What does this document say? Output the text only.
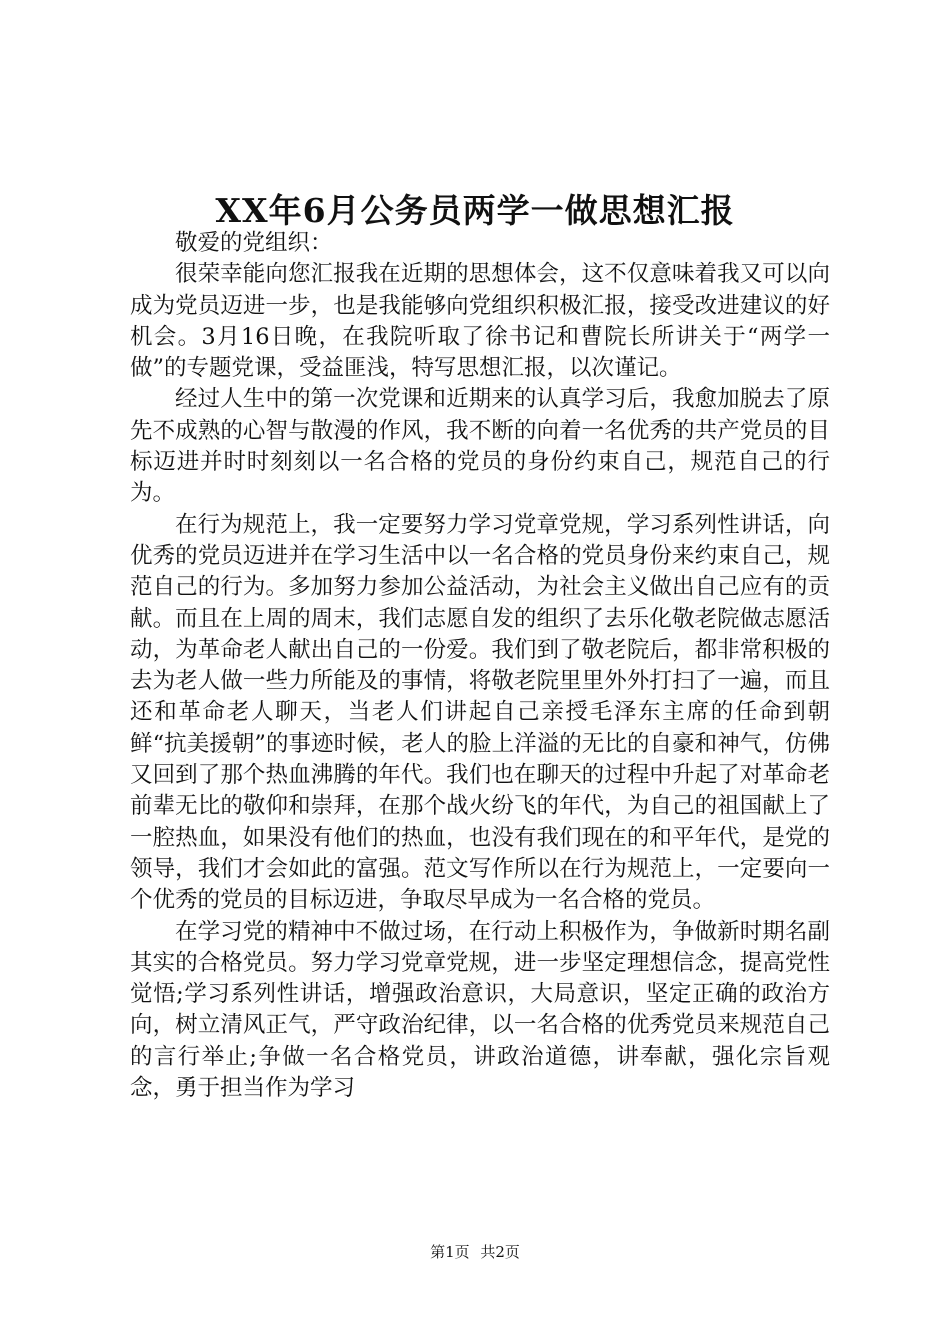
XX年6月公务员两学一做思想汇报

敬爱的党组织：

很荣幸能向您汇报我在近期的思想体会，这不仅意味着我又可以向成为党员迈进一步，也是我能够向党组织积极汇报，接受改进建议的好机会。3月16日晚，在我院听取了徐书记和曹院长所讲关于“两学一做”的专题党课，受益匪浅，特写思想汇报，以次谨记。

经过人生中的第一次党课和近期来的认真学习后，我愈加脱去了原先不成熟的心智与散漫的作风，我不断的向着一名优秀的共产党员的目标迈进并时时刻刻以一名合格的党员的身份约束自己，规范自己的行为。

在行为规范上，我一定要努力学习党章党规，学习系列性讲话，向优秀的党员迈进并在学习生活中以一名合格的党员身份来约束自己，规范自己的行为。多加努力参加公益活动，为社会主义做出自己应有的贡献。而且在上周的周末，我们志愿自发的组织了去乐化敬老院做志愿活动，为革命老人献出自己的一份爱。我们到了敬老院后，都非常积极的去为老人做一些力所能及的事情，将敬老院里里外外打扫了一遍，而且还和革命老人聊天，当老人们讲起自己亲授毛泽东主席的任命到朝鲜“抗美援朝”的事迹时候，老人的脸上洋溢的无比的自豪和神气，仿佛又回到了那个热血沸腾的年代。我们也在聊天的过程中升起了对革命老前辈无比的敬仰和崇拜，在那个战火纷飞的年代，为自己的祖国献上了一腔热血，如果没有他们的热血，也没有我们现在的和平年代，是党的领导，我们才会如此的富强。范文写作所以在行为规范上，一定要向一个优秀的党员的目标迈进，争取尽早成为一名合格的党员。

在学习党的精神中不做过场，在行动上积极作为，争做新时期名副其实的合格党员。努力学习党章党规，进一步坚定理想信念，提高党性觉悟;学习系列性讲话，增强政治意识，大局意识，坚定正确的政治方向，树立清风正气，严守政治纪律，以一名合格的优秀党员来规范自己的言行举止;争做一名合格党员，讲政治道德，讲奉献，强化宗旨观念，勇于担当作为学习

第1页 共2页
